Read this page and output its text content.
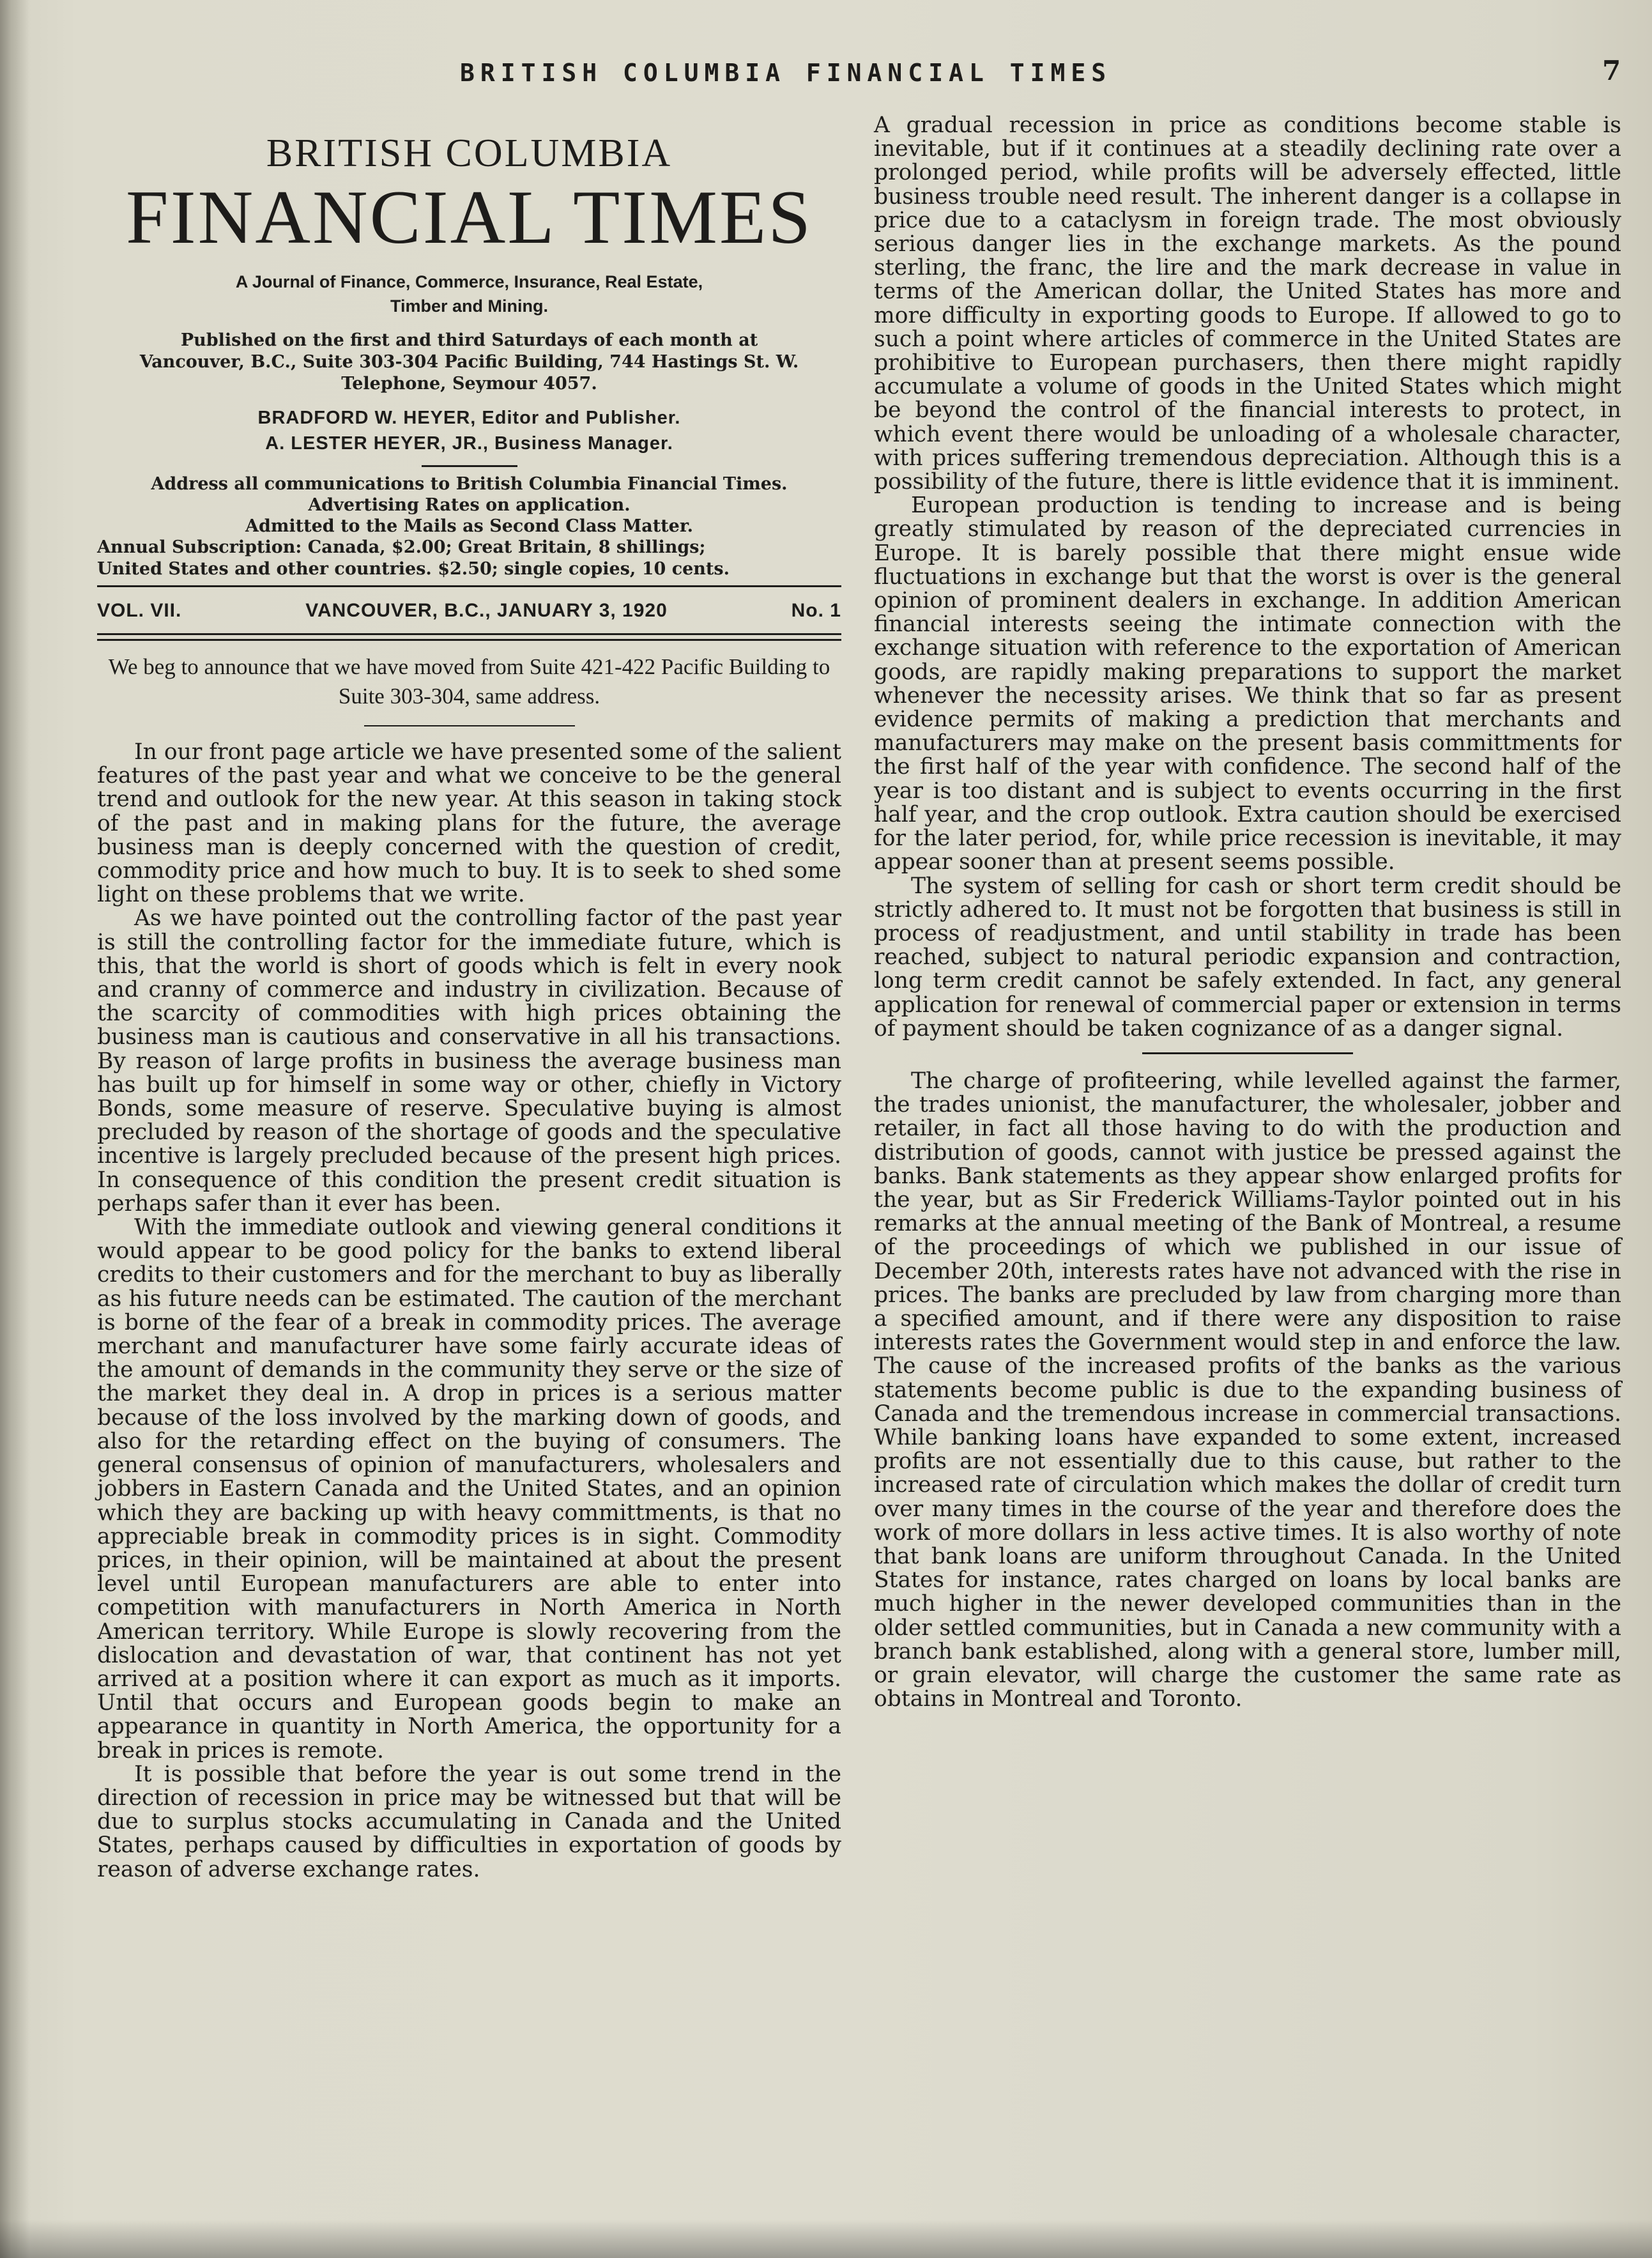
BRITISH COLUMBIA FINANCIAL TIMES	7
BRITISH COLUMBIA
FINANCIAL TIMES
A Journal of Finance, Commerce, Insurance, Real Estate,
Timber and Mining.
Published on the first and third Saturdays of each month at
Vancouver, B.C., Suite 303-304 Pacific Building, 744 Hastings St. W.
Telephone, Seymour 4057.
BRADFORD W. HEYER, Editor and Publisher.
A. LESTER HEYER, JR., Business Manager.
Address all communications to British Columbia Financial Times.
Advertising Rates on application.
Admitted to the Mails as Second Class Matter.
Annual Subscription: Canada, $2.00; Great Britain, 8 shillings;
United States and other countries. $2.50; single copies, 10 cents.
VOL. VII.	VANCOUVER, B.C., JANUARY 3, 1920	No. 1
We beg to announce that we have moved from Suite 421-422 Pacific Building to Suite 303-304, same address.

In our front page article we have presented some of the salient features of the past year and what we conceive to be the general trend and outlook for the new year. At this season in taking stock of the past and in making plans for the future, the average business man is deeply concerned with the question of credit, commodity price and how much to buy. It is to seek to shed some light on these problems that we write.

As we have pointed out the controlling factor of the past year is still the controlling factor for the immediate future, which is this, that the world is short of goods which is felt in every nook and cranny of commerce and industry in civilization. Because of the scarcity of commodities with high prices obtaining the business man is cautious and conservative in all his transactions. By reason of large profits in business the average business man has built up for himself in some way or other, chiefly in Victory Bonds, some measure of reserve. Speculative buying is almost precluded by reason of the shortage of goods and the speculative incentive is largely precluded because of the present high prices. In consequence of this condition the present credit situation is perhaps safer than it ever has been.

With the immediate outlook and viewing general conditions it would appear to be good policy for the banks to extend liberal credits to their customers and for the merchant to buy as liberally as his future needs can be estimated. The caution of the merchant is borne of the fear of a break in commodity prices. The average merchant and manufacturer have some fairly accurate ideas of the amount of demands in the community they serve or the size of the market they deal in. A drop in prices is a serious matter because of the loss involved by the marking down of goods, and also for the retarding effect on the buying of consumers. The general consensus of opinion of manufacturers, wholesalers and jobbers in Eastern Canada and the United States, and an opinion which they are backing up with heavy committments, is that no appreciable break in commodity prices is in sight. Commodity prices, in their opinion, will be maintained at about the present level until European manufacturers are able to enter into competition with manufacturers in North America in North American territory. While Europe is slowly recovering from the dislocation and devastation of war, that continent has not yet arrived at a position where it can export as much as it imports. Until that occurs and European goods begin to make an appearance in quantity in North America, the opportunity for a break in prices is remote.

It is possible that before the year is out some trend in the direction of recession in price may be witnessed but that will be due to surplus stocks accumulating in Canada and the United States, perhaps caused by difficulties in exportation of goods by reason of adverse exchange rates.

A gradual recession in price as conditions become stable is inevitable, but if it continues at a steadily declining rate over a prolonged period, while profits will be adversely effected, little business trouble need result. The inherent danger is a collapse in price due to a cataclysm in foreign trade. The most obviously serious danger lies in the exchange markets. As the pound sterling, the franc, the lire and the mark decrease in value in terms of the American dollar, the United States has more and more difficulty in exporting goods to Europe. If allowed to go to such a point where articles of commerce in the United States are prohibitive to European purchasers, then there might rapidly accumulate a volume of goods in the United States which might be beyond the control of the financial interests to protect, in which event there would be unloading of a wholesale character, with prices suffering tremendous depreciation. Although this is a possibility of the future, there is little evidence that it is imminent.

European production is tending to increase and is being greatly stimulated by reason of the depreciated currencies in Europe. It is barely possible that there might ensue wide fluctuations in exchange but that the worst is over is the general opinion of prominent dealers in exchange. In addition American financial interests seeing the intimate connection with the exchange situation with reference to the exportation of American goods, are rapidly making preparations to support the market whenever the necessity arises. We think that so far as present evidence permits of making a prediction that merchants and manufacturers may make on the present basis committments for the first half of the year with confidence. The second half of the year is too distant and is subject to events occurring in the first half year, and the crop outlook. Extra caution should be exercised for the later period, for, while price recession is inevitable, it may appear sooner than at present seems possible.

The system of selling for cash or short term credit should be strictly adhered to. It must not be forgotten that business is still in process of readjustment, and until stability in trade has been reached, subject to natural periodic expansion and contraction, long term credit cannot be safely extended. In fact, any general application for renewal of commercial paper or extension in terms of payment should be taken cognizance of as a danger signal.

The charge of profiteering, while levelled against the farmer, the trades unionist, the manufacturer, the wholesaler, jobber and retailer, in fact all those having to do with the production and distribution of goods, cannot with justice be pressed against the banks. Bank statements as they appear show enlarged profits for the year, but as Sir Frederick Williams-Taylor pointed out in his remarks at the annual meeting of the Bank of Montreal, a resume of the proceedings of which we published in our issue of December 20th, interests rates have not advanced with the rise in prices. The banks are precluded by law from charging more than a specified amount, and if there were any disposition to raise interests rates the Government would step in and enforce the law. The cause of the increased profits of the banks as the various statements become public is due to the expanding business of Canada and the tremendous increase in commercial transactions. While banking loans have expanded to some extent, increased profits are not essentially due to this cause, but rather to the increased rate of circulation which makes the dollar of credit turn over many times in the course of the year and therefore does the work of more dollars in less active times. It is also worthy of note that bank loans are uniform throughout Canada. In the United States for instance, rates charged on loans by local banks are much higher in the newer developed communities than in the older settled communities, but in Canada a new community with a branch bank established, along with a general store, lumber mill, or grain elevator, will charge the customer the same rate as obtains in Montreal and Toronto.
